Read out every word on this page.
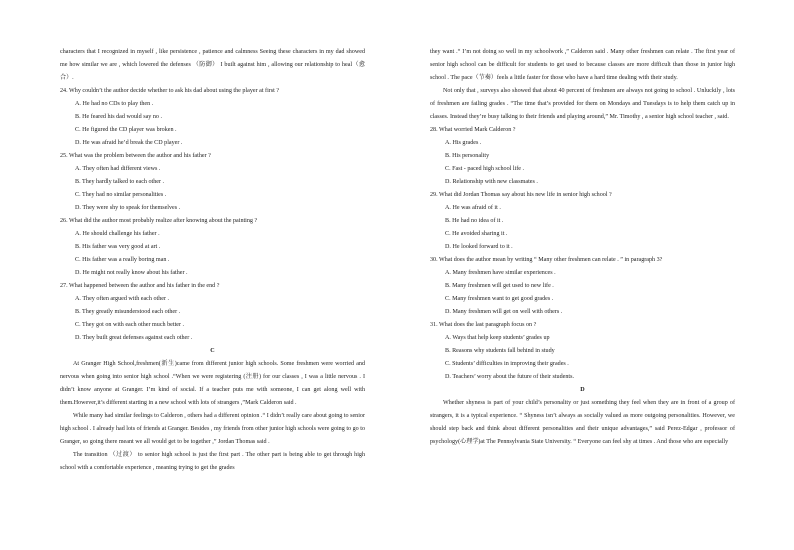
characters that I recognized in myself , like persistence , patience and calmness Seeing these characters in my dad showed me how similar we are , which lowered the defenses （防御） I built against him , allowing our relationship to heal（愈合）.

24. Why couldn’t the author decide whether to ask his dad about using the player at first ?

A. He had no CDs to play then .

B. He feared his dad would say no .

C. He figured the CD player was broken .

D. He was afraid he’d break the CD player .

25. What was the problem between the author and his father ?

A. They often had different views .

B. They hardly talked to each other .

C. They had no similar personalities .

D. They were shy to speak for themselves .

26. What did the author most probably realize after knowing about the painting ?

A. He should challenge his father .

B. His father was very good at art .

C. His father was a really boring man .

D. He might not really know about his father .

27. What happened between the author and his father in the end ?

A. They often argued with each other .

B. They greatly misunderstood each other .

C. They got on with each other much better .

D. They built great defenses against each other .

C

At Granger High School,freshmen(新生)came from different junior high schools. Some freshmen were worried and nervous when going into senior high school .“When we were registering (注册) for our classes , I was a little nervous . I didn’t know anyone at Granger. I’m kind of social. If a teacher puts me with someone, I can get along well with them.However,it’s different starting in a new school with lots of strangers ,”Mark Calderon said .

While many had similar feelings to Calderon , others had a different opinion .“ I didn’t really care about going to senior high school . I already had lots of friends at Granger. Besides , my friends from other junior high schools were going to go to Granger, so going there meant we all would get to be together ,” Jordan Thomas said .

The transition （过渡） to senior high school is just the first part . The other part is being able to get through high school with a comfortable experience , meaning trying to get the grades

they want .“ I’m not doing so well in my schoolwork ,” Calderon said . Many other freshmen can relate . The first year of senior high school can be difficult for students to get used to because classes are more difficult than those in junior high school . The pace（节奏）feels a little faster for those who have a hard time dealing with their study.

Not only that , surveys also showed that about 40 percent of freshmen are always not going to school . Unluckily , lots of freshmen are failing grades . “The time that’s provided for them on Mondays and Tuesdays is to help them catch up in classes. Instead they’re busy talking to their friends and playing around,” Mr. Timothy , a senior high school teacher , said.

28. What worried Mark Calderon ?

A. His grades .

B. His personality

C. Fast - paced high school life .

D. Relationship with new classmates .

29. What did Jordan Thomas say about his new life in senior high school ?

A. He was afraid of it .

B. He had no idea of it .

C. He avoided sharing it .

D. He looked forward to it .

30. What does the author mean by writing “ Many other freshmen can relate . ” in paragraph 3?

A. Many freshmen have similar experiences .

B. Many freshmen will get used to new life .

C. Many freshmen want to get good grades .

D. Many freshmen will get on well with others .

31. What does the last paragraph focus on ?

A. Ways that help keep students’ grades up

B. Reasons why students fall behind in study

C. Students’ difficulties in improving their grades .

D. Teachers’ worry about the future of their students.

D

Whether shyness is part of your child’s personality or just something they feel when they are in front of a group of strangers, it is a typical experience. “ Shyness isn’t always as socially valued as more outgoing personalities. However, we should step back and think about different personalities and their unique advantages,” said Perez-Edgar , professor of psychology(心理学)at The Pennsylvania State University. “ Everyone can feel shy at times . And those who are especially
